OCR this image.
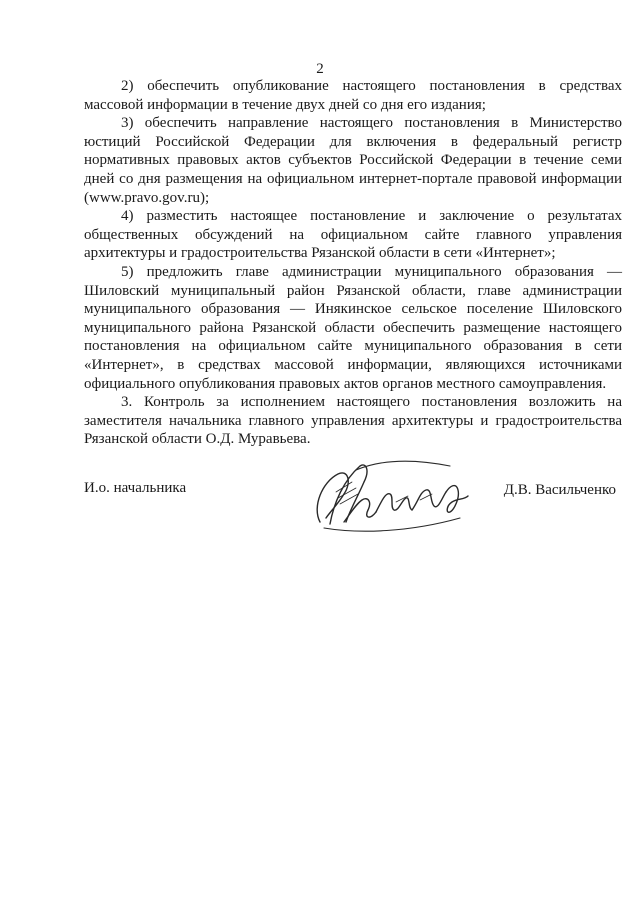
2

2) обеспечить опубликование настоящего постановления в средствах массовой информации в течение двух дней со дня его издания;

3) обеспечить направление настоящего постановления в Министерство юстиций Российской Федерации для включения в федеральный регистр нормативных правовых актов субъектов Российской Федерации в течение семи дней со дня размещения на официальном интернет-портале правовой информации (www.pravo.gov.ru);

4) разместить настоящее постановление и заключение о результатах общественных обсуждений на официальном сайте главного управления архитектуры и градостроительства Рязанской области в сети «Интернет»;

5) предложить главе администрации муниципального образования — Шиловский муниципальный район Рязанской области, главе администрации муниципального образования — Инякинское сельское поселение Шиловского муниципального района Рязанской области обеспечить размещение настоящего постановления на официальном сайте муниципального образования в сети «Интернет», в средствах массовой информации, являющихся источниками официального опубликования правовых актов органов местного самоуправления.

3. Контроль за исполнением настоящего постановления возложить на заместителя начальника главного управления архитектуры и градостроительства Рязанской области О.Д. Муравьева.

И.о. начальника	Д.В. Васильченко
